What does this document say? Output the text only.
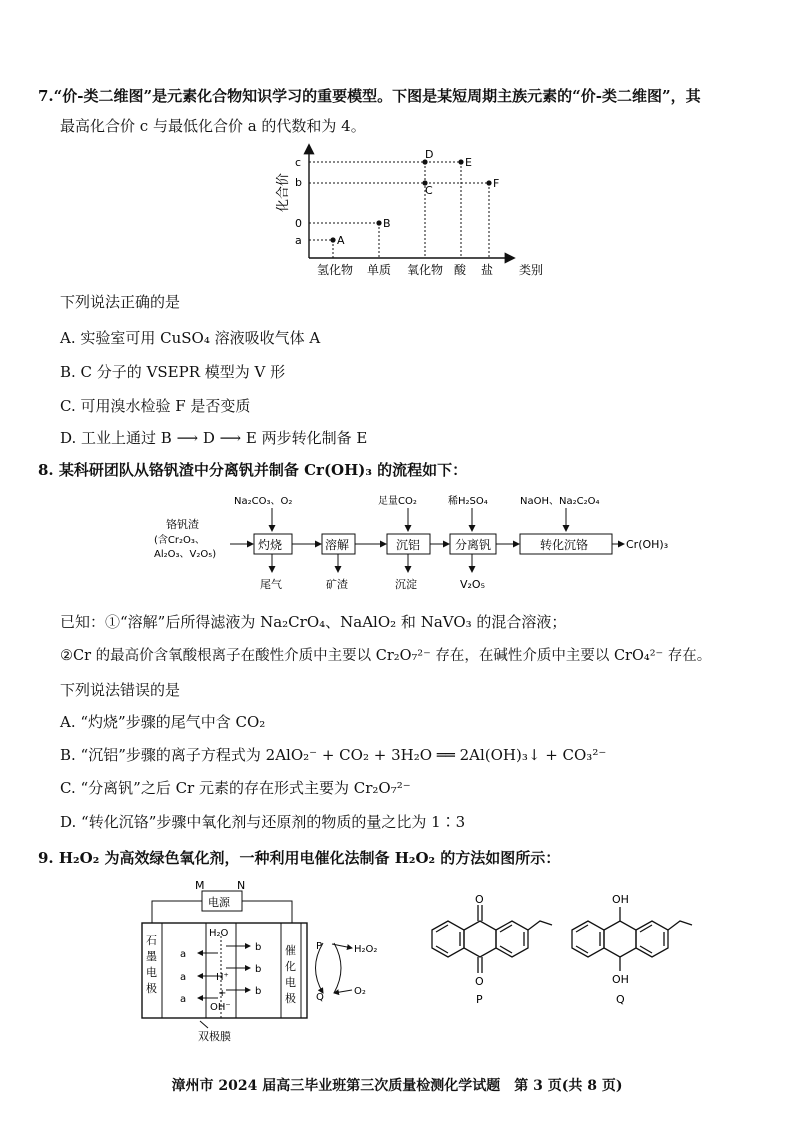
7.“价-类二维图”是元素化合物知识学习的重要模型。下图是某短周期主族元素的“价-类二维图”，其
最高化合价 c 与最低化合价 a 的代数和为 4。
化合价
c
b
0
a
氢化物 单质 氧化物 酸 盐 类别
A
B
C
D
E
F
下列说法正确的是
A. 实验室可用 CuSO₄ 溶液吸收气体 A
B. C 分子的 VSEPR 模型为 V 形
C. 可用溴水检验 F 是否变质
D. 工业上通过 B ⟶ D ⟶ E 两步转化制备 E
8. 某科研团队从铬钒渣中分离钒并制备 Cr(OH)₃ 的流程如下：
铬钒渣
(含Cr₂O₃、
Al₂O₃、V₂O₅)
Na₂CO₃、O₂	足量CO₂	稀H₂SO₄	NaOH、Na₂C₂O₄
灼烧	溶解	沉铝	分离钒	转化沉铬	Cr(OH)₃
尾气	矿渣	沉淀	V₂O₅
已知：①“溶解”后所得滤液为 Na₂CrO₄、NaAlO₂ 和 NaVO₃ 的混合溶液；
②Cr 的最高价含氧酸根离子在酸性介质中主要以 Cr₂O₇²⁻ 存在，在碱性介质中主要以 CrO₄²⁻ 存在。
下列说法错误的是
A. “灼烧”步骤的尾气中含 CO₂
B. “沉铝”步骤的离子方程式为 2AlO₂⁻ + CO₂ + 3H₂O ══ 2Al(OH)₃↓ + CO₃²⁻
C. “分离钒”之后 Cr 元素的存在形式主要为 Cr₂O₇²⁻
D. “转化沉铬”步骤中氧化剂与还原剂的物质的量之比为 1∶3
9. H₂O₂ 为高效绿色氧化剂，一种利用电催化法制备 H₂O₂ 的方法如图所示：
M	N
石
墨
电
极
催
化
电
极
电源
H₂O
H⁺
+
OH⁻
a
a
a
b
b
b
P
Q
H₂O₂
O₂
双极膜
O
O
P
OH
OH
Q
漳州市 2024 届高三毕业班第三次质量检测化学试题　第 3 页(共 8 页)
